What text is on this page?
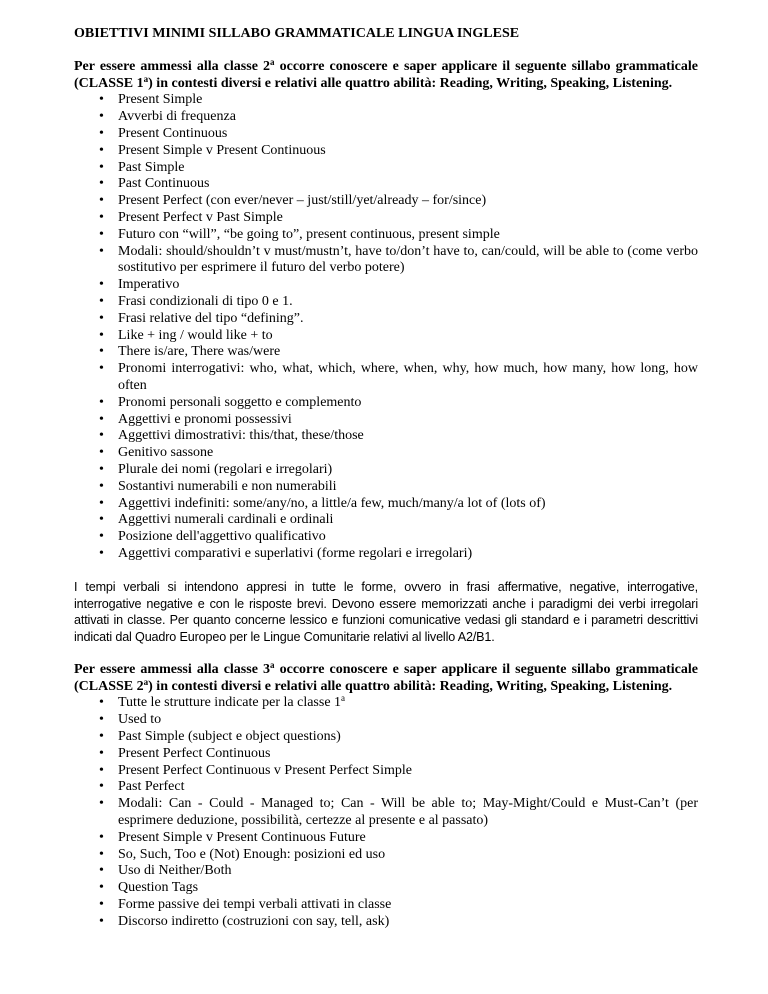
OBIETTIVI MINIMI SILLABO GRAMMATICALE LINGUA INGLESE

Per essere ammessi alla classe 2$^a$ occorre conoscere e saper applicare il seguente sillabo grammaticale (CLASSE 1$^a$) in contesti diversi e relativi alle quattro abilità: Reading, Writing, Speaking, Listening.

• Present Simple
• Avverbi di frequenza
• Present Continuous
• Present Simple v Present Continuous
• Past Simple
• Past Continuous
• Present Perfect (con ever/never – just/still/yet/already – for/since)
• Present Perfect v Past Simple
• Futuro con “will”, “be going to”, present continuous, present simple
• Modali: should/shouldn’t v must/mustn’t, have to/don’t have to, can/could, will be able to (come verbo sostitutivo per esprimere il futuro del verbo potere)
• Imperativo
• Frasi condizionali di tipo 0 e 1.
• Frasi relative del tipo “defining”.
• Like + ing / would like + to
• There is/are, There was/were
• Pronomi interrogativi: who, what, which, where, when, why, how much, how many, how long, how often
• Pronomi personali soggetto e complemento
• Aggettivi e pronomi possessivi
• Aggettivi dimostrativi: this/that, these/those
• Genitivo sassone
• Plurale dei nomi (regolari e irregolari)
• Sostantivi numerabili e non numerabili
• Aggettivi indefiniti: some/any/no, a little/a few, much/many/a lot of (lots of)
• Aggettivi numerali cardinali e ordinali
• Posizione dell'aggettivo qualificativo
• Aggettivi comparativi e superlativi (forme regolari e irregolari)

I tempi verbali si intendono appresi in tutte le forme, ovvero in frasi affermative, negative, interrogative, interrogative negative e con le risposte brevi. Devono essere memorizzati anche i paradigmi dei verbi irregolari attivati in classe. Per quanto concerne lessico e funzioni comunicative vedasi gli standard e i parametri descrittivi indicati dal Quadro Europeo per le Lingue Comunitarie relativi al livello A2/B1.

Per essere ammessi alla classe 3$^a$ occorre conoscere e saper applicare il seguente sillabo grammaticale (CLASSE 2$^a$) in contesti diversi e relativi alle quattro abilità: Reading, Writing, Speaking, Listening.

• Tutte le strutture indicate per la classe 1$^a$
• Used to
• Past Simple (subject e object questions)
• Present Perfect Continuous
• Present Perfect Continuous v Present Perfect Simple
• Past Perfect
• Modali: Can - Could - Managed to; Can - Will be able to; May-Might/Could e Must-Can’t (per esprimere deduzione, possibilità, certezze al presente e al passato)
• Present Simple v Present Continuous Future
• So, Such, Too e (Not) Enough: posizioni ed uso
• Uso di Neither/Both
• Question Tags
• Forme passive dei tempi verbali attivati in classe
• Discorso indiretto (costruzioni con say, tell, ask)
